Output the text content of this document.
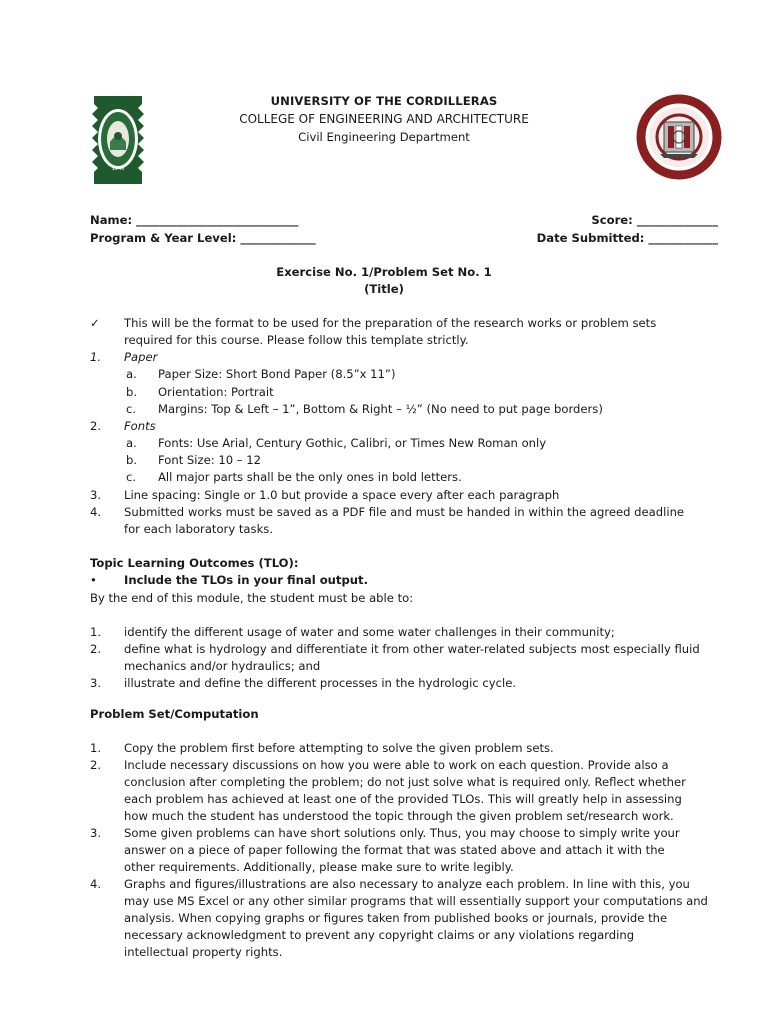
1946
UNIVERSITY OF THE CORDILLERAS
COLLEGE OF ENGINEERING AND ARCHITECTURE
Civil Engineering Department
Name: ____________________________
Program & Year Level: _____________
Score: ______________
Date Submitted: ____________
Exercise No. 1/Problem Set No. 1
(Title)
✓ This will be the format to be used for the preparation of the research works or problem sets
required for this course. Please follow this template strictly.
1. Paper
a. Paper Size: Short Bond Paper (8.5”x 11”)
b. Orientation: Portrait
c. Margins: Top & Left – 1”, Bottom & Right – ½” (No need to put page borders)
2. Fonts
a. Fonts: Use Arial, Century Gothic, Calibri, or Times New Roman only
b. Font Size: 10 – 12
c. All major parts shall be the only ones in bold letters.
3. Line spacing: Single or 1.0 but provide a space every after each paragraph
4. Submitted works must be saved as a PDF file and must be handed in within the agreed deadline
for each laboratory tasks.
Topic Learning Outcomes (TLO):
• Include the TLOs in your final output.
By the end of this module, the student must be able to:
1. identify the different usage of water and some water challenges in their community;
2. define what is hydrology and differentiate it from other water-related subjects most especially fluid
mechanics and/or hydraulics; and
3. illustrate and define the different processes in the hydrologic cycle.
Problem Set/Computation
1. Copy the problem first before attempting to solve the given problem sets.
2. Include necessary discussions on how you were able to work on each question. Provide also a
conclusion after completing the problem; do not just solve what is required only. Reflect whether
each problem has achieved at least one of the provided TLOs. This will greatly help in assessing
how much the student has understood the topic through the given problem set/research work.
3. Some given problems can have short solutions only. Thus, you may choose to simply write your
answer on a piece of paper following the format that was stated above and attach it with the
other requirements. Additionally, please make sure to write legibly.
4. Graphs and figures/illustrations are also necessary to analyze each problem. In line with this, you
may use MS Excel or any other similar programs that will essentially support your computations and
analysis. When copying graphs or figures taken from published books or journals, provide the
necessary acknowledgment to prevent any copyright claims or any violations regarding
intellectual property rights.
